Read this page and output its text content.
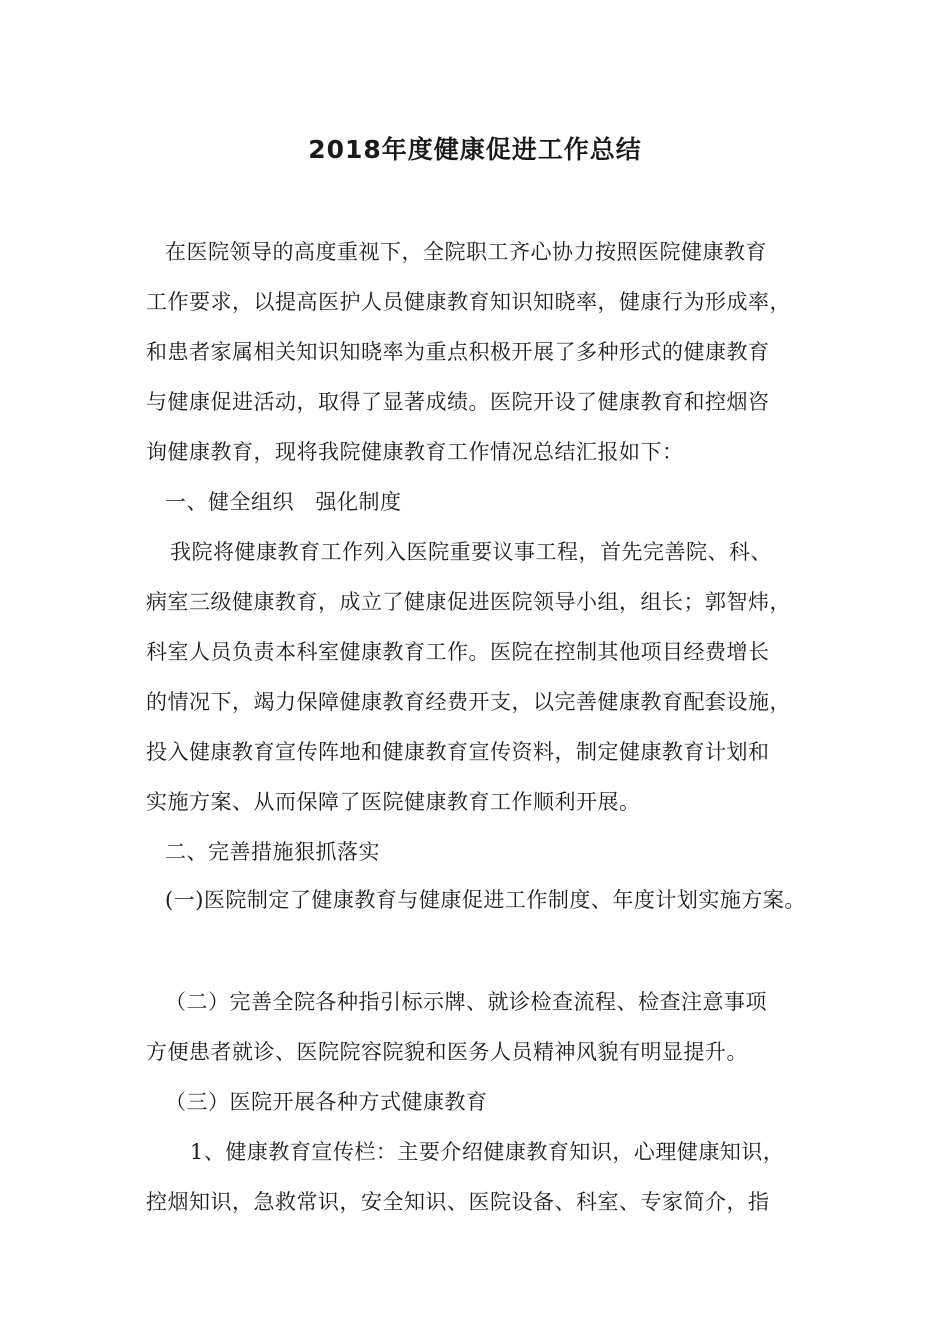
2018年度健康促进工作总结
在医院领导的高度重视下，全院职工齐心协力按照医院健康教育
工作要求，以提高医护人员健康教育知识知晓率，健康行为形成率，
和患者家属相关知识知晓率为重点积极开展了多种形式的健康教育
与健康促进活动，取得了显著成绩。医院开设了健康教育和控烟咨
询健康教育，现将我院健康教育工作情况总结汇报如下：
一、健全组织　强化制度
我院将健康教育工作列入医院重要议事工程，首先完善院、科、
病室三级健康教育，成立了健康促进医院领导小组，组长；郭智炜，
科室人员负责本科室健康教育工作。医院在控制其他项目经费增长
的情况下，竭力保障健康教育经费开支，以完善健康教育配套设施，
投入健康教育宣传阵地和健康教育宣传资料，制定健康教育计划和
实施方案、从而保障了医院健康教育工作顺利开展。
二、完善措施狠抓落实
(一)医院制定了健康教育与健康促进工作制度、年度计划实施方案。
（二）完善全院各种指引标示牌、就诊检查流程、检查注意事项
方便患者就诊、医院院容院貌和医务人员精神风貌有明显提升。
（三）医院开展各种方式健康教育
1、健康教育宣传栏：主要介绍健康教育知识，心理健康知识，
控烟知识，急救常识，安全知识、医院设备、科室、专家简介，指
